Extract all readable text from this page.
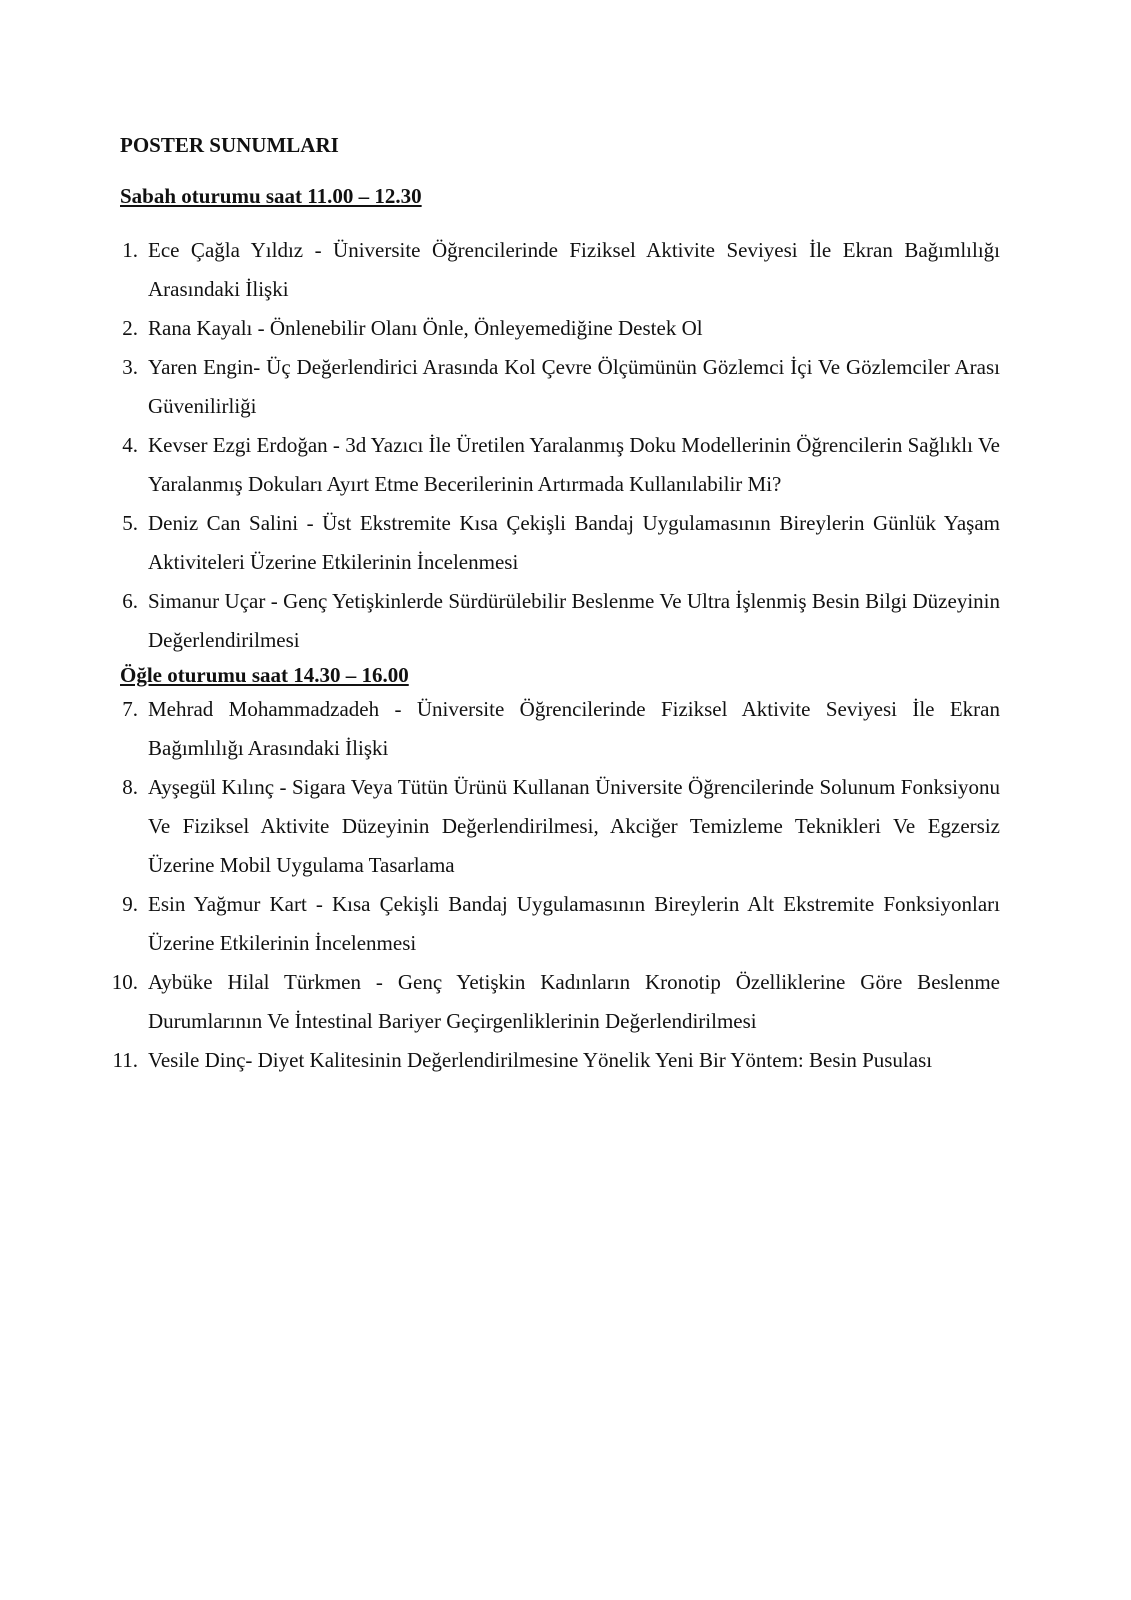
POSTER SUNUMLARI
Sabah oturumu saat 11.00 – 12.30
1. Ece Çağla Yıldız - Üniversite Öğrencilerinde Fiziksel Aktivite Seviyesi İle Ekran Bağımlılığı Arasındaki İlişki
2. Rana Kayalı - Önlenebilir Olanı Önle, Önleyemediğine Destek Ol
3. Yaren Engin- Üç Değerlendirici Arasında Kol Çevre Ölçümünün Gözlemci İçi Ve Gözlemciler Arası Güvenilirliği
4. Kevser Ezgi Erdoğan - 3d Yazıcı İle Üretilen Yaralanmış Doku Modellerinin Öğrencilerin Sağlıklı Ve Yaralanmış Dokuları Ayırt Etme Becerilerinin Artırmada Kullanılabilir Mi?
5. Deniz Can Salini - Üst Ekstremite Kısa Çekişli Bandaj Uygulamasının Bireylerin Günlük Yaşam Aktiviteleri Üzerine Etkilerinin İncelenmesi
6. Simanur Uçar - Genç Yetişkinlerde Sürdürülebilir Beslenme Ve Ultra İşlenmiş Besin Bilgi Düzeyinin Değerlendirilmesi
Öğle oturumu saat 14.30 – 16.00
7. Mehrad Mohammadzadeh - Üniversite Öğrencilerinde Fiziksel Aktivite Seviyesi İle Ekran Bağımlılığı Arasındaki İlişki
8. Ayşegül Kılınç - Sigara Veya Tütün Ürünü Kullanan Üniversite Öğrencilerinde Solunum Fonksiyonu Ve Fiziksel Aktivite Düzeyinin Değerlendirilmesi, Akciğer Temizleme Teknikleri Ve Egzersiz Üzerine Mobil Uygulama Tasarlama
9. Esin Yağmur Kart - Kısa Çekişli Bandaj Uygulamasının Bireylerin Alt Ekstremite Fonksiyonları Üzerine Etkilerinin İncelenmesi
10. Aybüke Hilal Türkmen - Genç Yetişkin Kadınların Kronotip Özelliklerine Göre Beslenme Durumlarının Ve İntestinal Bariyer Geçirgenliklerinin Değerlendirilmesi
11. Vesile Dinç- Diyet Kalitesinin Değerlendirilmesine Yönelik Yeni Bir Yöntem: Besin Pusulası
